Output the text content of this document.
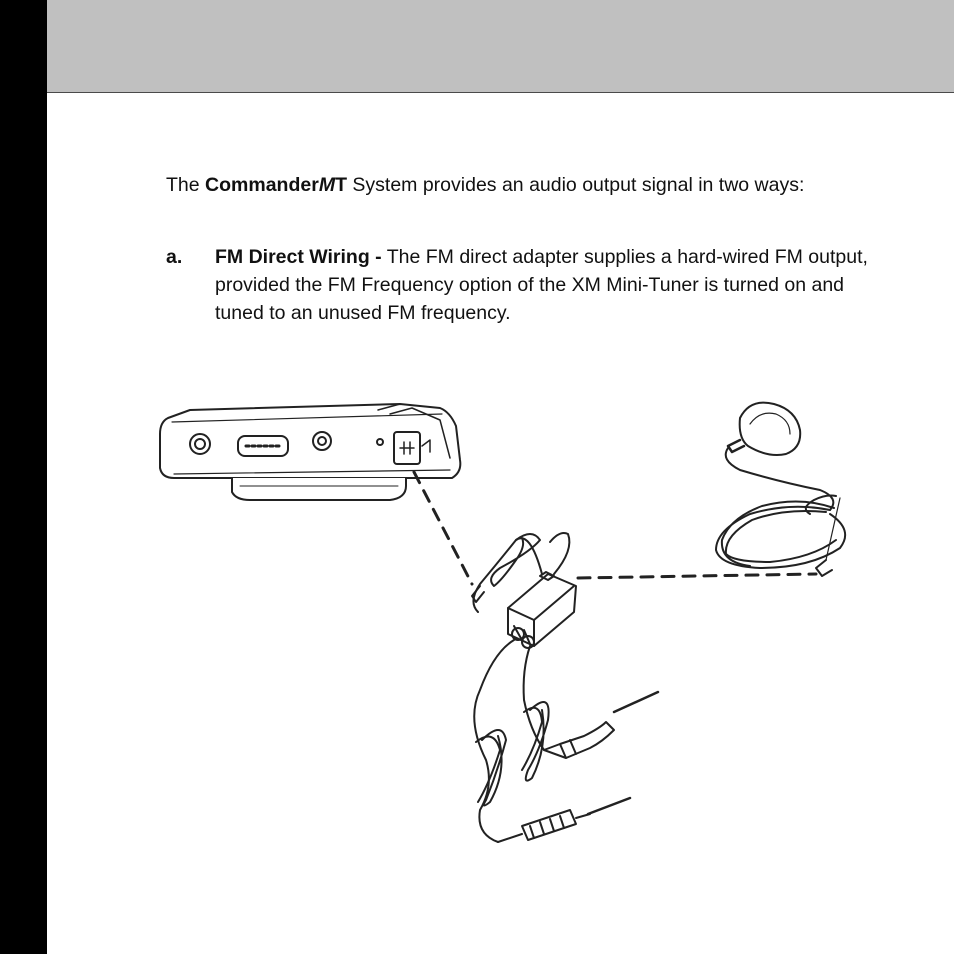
The CommanderMT System provides an audio output signal in two ways:

a. FM Direct Wiring - The FM direct adapter supplies a hard-wired FM output, provided the FM Frequency option of the XM Mini-Tuner is turned on and tuned to an unused FM frequency.
